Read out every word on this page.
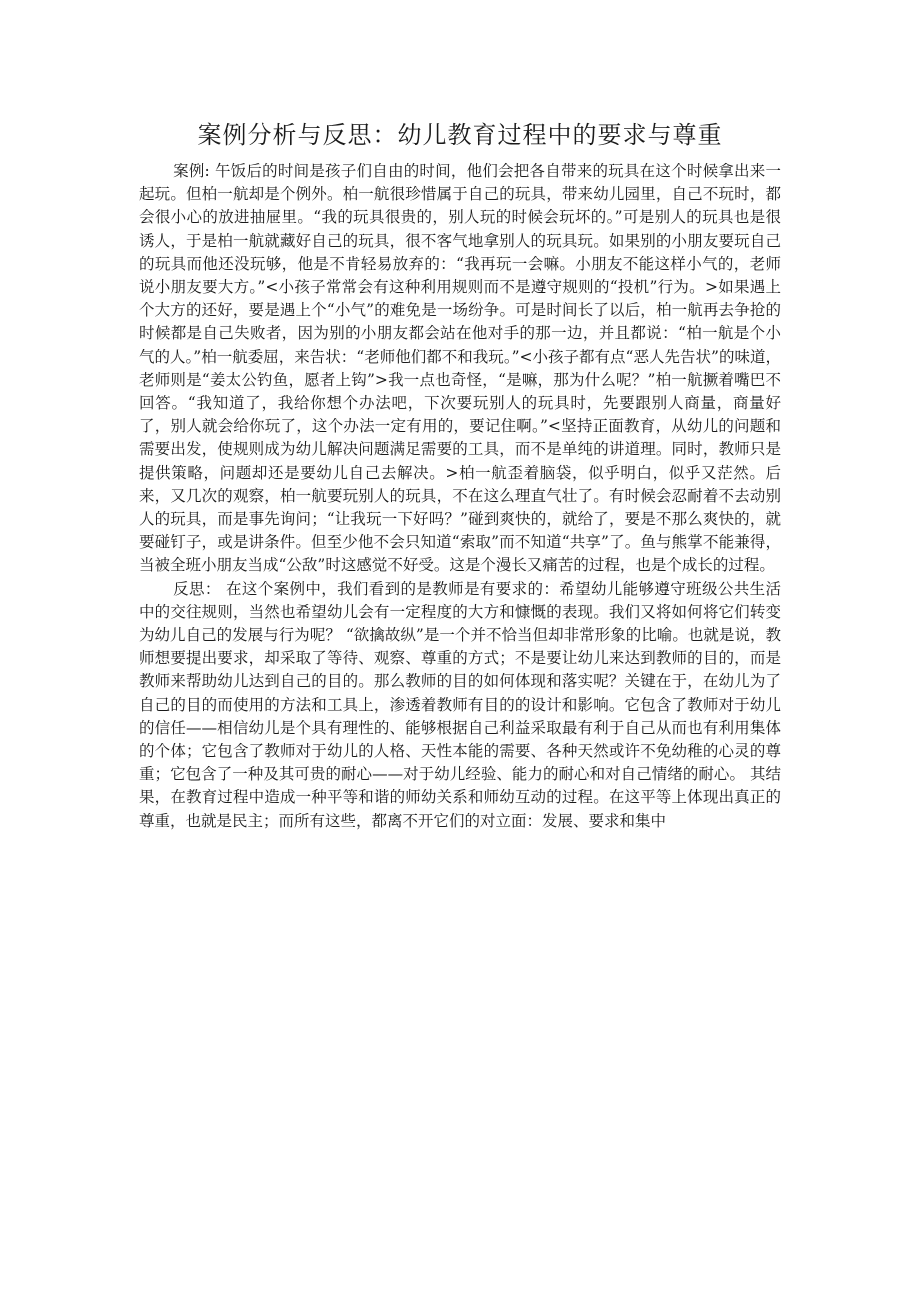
案例分析与反思：幼儿教育过程中的要求与尊重

案例: 午饭后的时间是孩子们自由的时间，他们会把各自带来的玩具在这个时候拿出来一起玩。但柏一航却是个例外。柏一航很珍惜属于自己的玩具，带来幼儿园里，自己不玩时，都会很小心的放进抽屉里。“我的玩具很贵的，别人玩的时候会玩坏的。”可是别人的玩具也是很诱人，于是柏一航就藏好自己的玩具，很不客气地拿别人的玩具玩。如果别的小朋友要玩自己的玩具而他还没玩够，他是不肯轻易放弃的：“我再玩一会嘛。小朋友不能这样小气的，老师说小朋友要大方。”<小孩子常常会有这种利用规则而不是遵守规则的“投机”行为。>如果遇上个大方的还好，要是遇上个“小气”的难免是一场纷争。可是时间长了以后，柏一航再去争抢的时候都是自己失败者，因为别的小朋友都会站在他对手的那一边，并且都说：“柏一航是个小气的人。”柏一航委屈，来告状：“老师他们都不和我玩。”<小孩子都有点“恶人先告状”的味道，老师则是“姜太公钓鱼，愿者上钩”>我一点也奇怪，“是嘛，那为什么呢？”柏一航撅着嘴巴不回答。“我知道了，我给你想个办法吧，下次要玩别人的玩具时，先要跟别人商量，商量好了，别人就会给你玩了，这个办法一定有用的，要记住啊。”<坚持正面教育，从幼儿的问题和需要出发，使规则成为幼儿解决问题满足需要的工具，而不是单纯的讲道理。同时，教师只是提供策略，问题却还是要幼儿自己去解决。>柏一航歪着脑袋，似乎明白，似乎又茫然。后来，又几次的观察，柏一航要玩别人的玩具，不在这么理直气壮了。有时候会忍耐着不去动别人的玩具，而是事先询问；“让我玩一下好吗？”碰到爽快的，就给了，要是不那么爽快的，就要碰钉子，或是讲条件。但至少他不会只知道“索取”而不知道“共享”了。鱼与熊掌不能兼得，当被全班小朋友当成“公敌”时这感觉不好受。这是个漫长又痛苦的过程，也是个成长的过程。

反思： 在这个案例中，我们看到的是教师是有要求的：希望幼儿能够遵守班级公共生活中的交往规则，当然也希望幼儿会有一定程度的大方和慷慨的表现。我们又将如何将它们转变为幼儿自己的发展与行为呢？ “欲擒故纵”是一个并不恰当但却非常形象的比喻。也就是说，教师想要提出要求，却采取了等待、观察、尊重的方式；不是要让幼儿来达到教师的目的，而是教师来帮助幼儿达到自己的目的。那么教师的目的如何体现和落实呢？关键在于，在幼儿为了自己的目的而使用的方法和工具上，渗透着教师有目的的设计和影响。它包含了教师对于幼儿的信任——相信幼儿是个具有理性的、能够根据自己利益采取最有利于自己从而也有利用集体的个体；它包含了教师对于幼儿的人格、天性本能的需要、各种天然或许不免幼稚的心灵的尊重；它包含了一种及其可贵的耐心——对于幼儿经验、能力的耐心和对自己情绪的耐心。 其结果，在教育过程中造成一种平等和谐的师幼关系和师幼互动的过程。在这平等上体现出真正的尊重，也就是民主；而所有这些，都离不开它们的对立面：发展、要求和集中
